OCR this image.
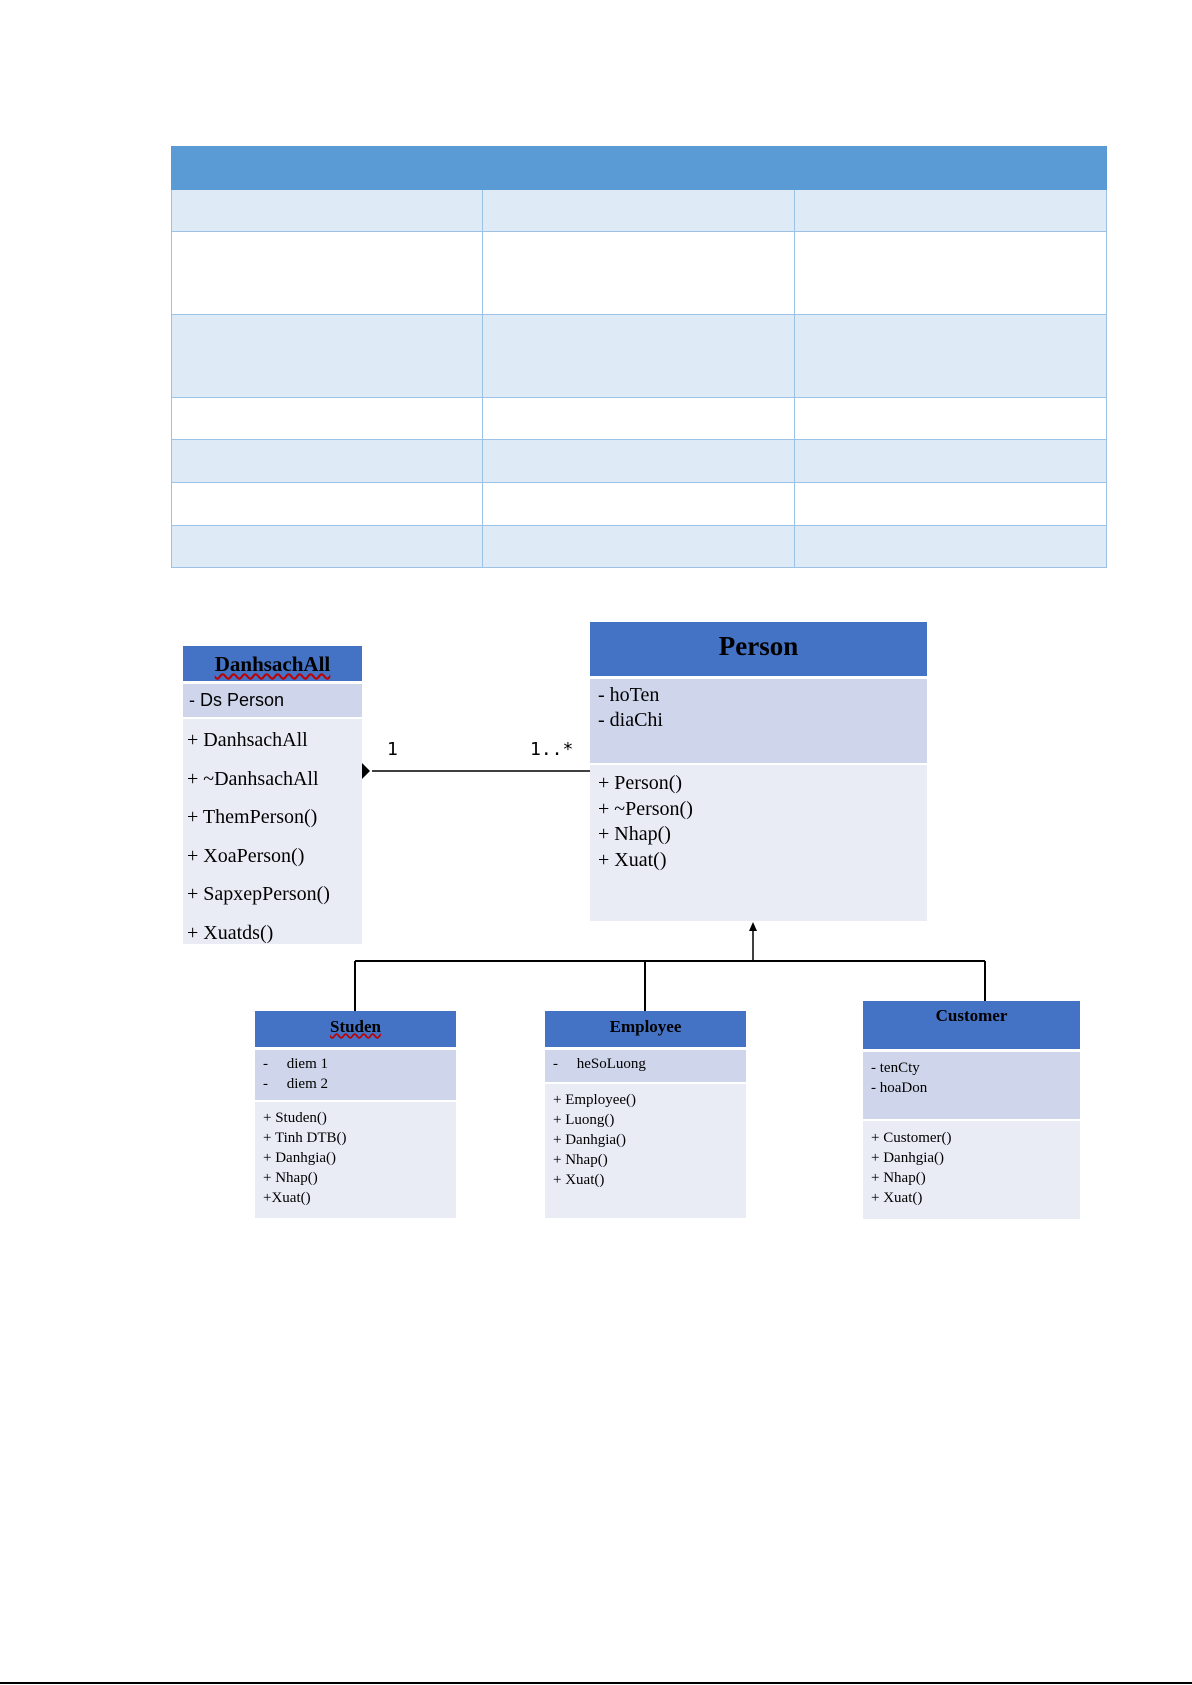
1	1..*
DanhsachAll
- Ds Person
+ DanhsachAll
+ ~DanhsachAll
+ ThemPerson()
+ XoaPerson()
+ SapxepPerson()
+ Xuatds()
Person
- hoTen
- diaChi
+ Person()
+ ~Person()
+ Nhap()
+ Xuat()
Studen
-     diem 1
-     diem 2
+ Studen()
+ Tinh DTB()
+ Danhgia()
+ Nhap()
+Xuat()
Employee
-     heSoLuong
+ Employee()
+ Luong()
+ Danhgia()
+ Nhap()
+ Xuat()
Customer
- tenCty
- hoaDon
+ Customer()
+ Danhgia()
+ Nhap()
+ Xuat()
